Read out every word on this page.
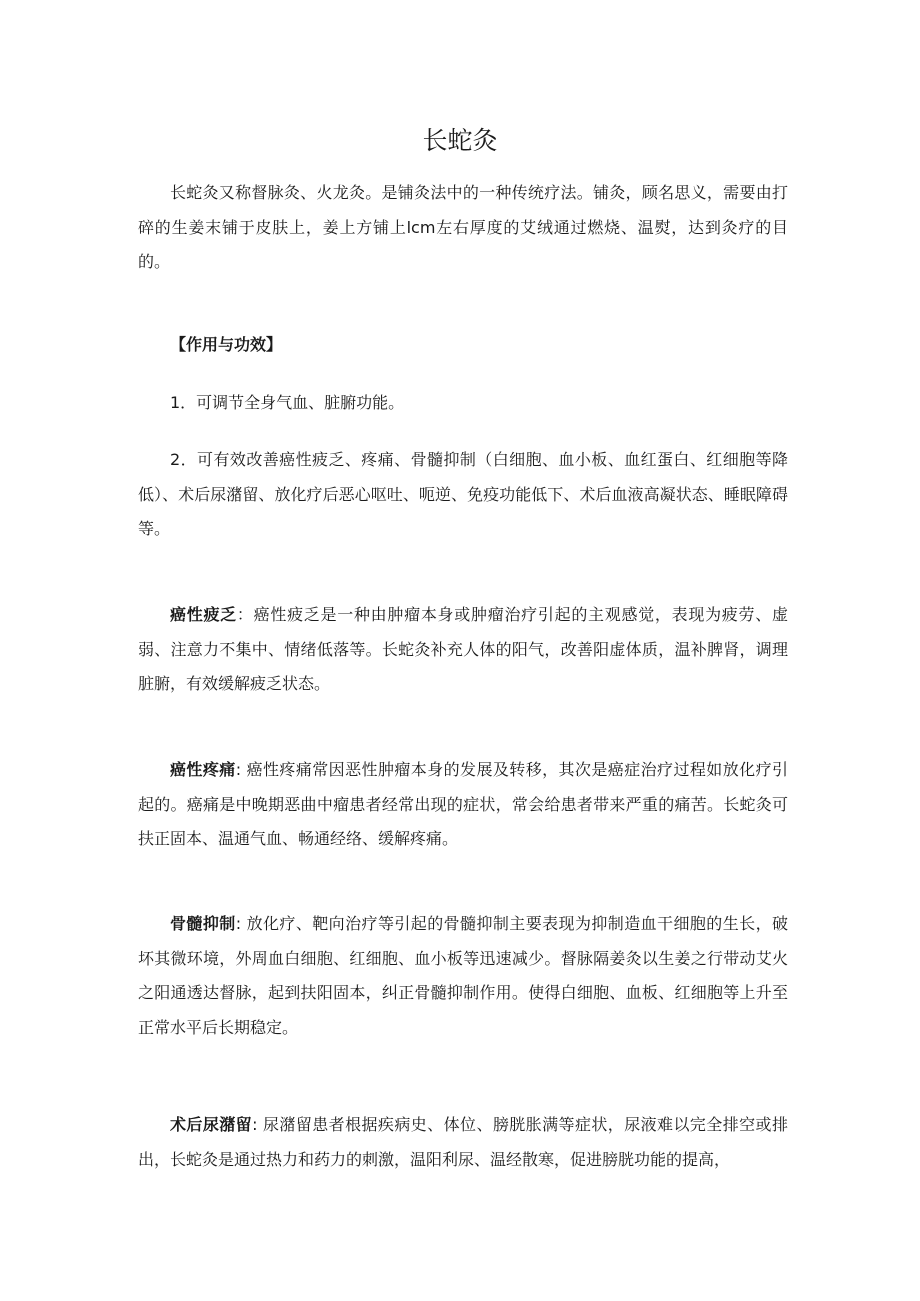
长蛇灸

长蛇灸又称督脉灸、火龙灸。是铺灸法中的一种传统疗法。铺灸，顾名思义，需要由打碎的生姜末铺于皮肤上，姜上方铺上lcm左右厚度的艾绒通过燃烧、温熨，达到灸疗的目的。

【作用与功效】

1．可调节全身气血、脏腑功能。

2．可有效改善癌性疲乏、疼痛、骨髓抑制（白细胞、血小板、血红蛋白、红细胞等降低）、术后尿潴留、放化疗后恶心呕吐、呃逆、免疫功能低下、术后血液高凝状态、睡眠障碍等。

癌性疲乏：癌性疲乏是一种由肿瘤本身或肿瘤治疗引起的主观感觉，表现为疲劳、虚弱、注意力不集中、情绪低落等。长蛇灸补充人体的阳气，改善阳虚体质，温补脾肾，调理脏腑，有效缓解疲乏状态。

癌性疼痛: 癌性疼痛常因恶性肿瘤本身的发展及转移，其次是癌症治疗过程如放化疗引起的。癌痛是中晚期恶曲中瘤患者经常出现的症状，常会给患者带来严重的痛苦。长蛇灸可扶正固本、温通气血、畅通经络、缓解疼痛。

骨髓抑制: 放化疗、靶向治疗等引起的骨髓抑制主要表现为抑制造血干细胞的生长，破坏其微环境，外周血白细胞、红细胞、血小板等迅速减少。督脉隔姜灸以生姜之行带动艾火之阳通透达督脉，起到扶阳固本，纠正骨髓抑制作用。使得白细胞、血板、红细胞等上升至正常水平后长期稳定。

术后尿潴留: 尿潴留患者根据疾病史、体位、膀胱胀满等症状，尿液难以完全排空或排出，长蛇灸是通过热力和药力的刺激，温阳利尿、温经散寒，促进膀胱功能的提高，
